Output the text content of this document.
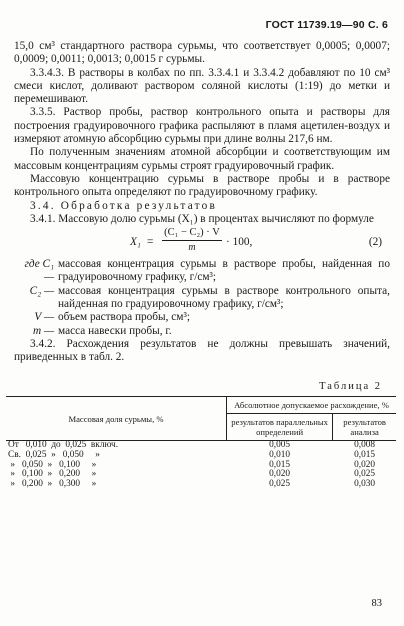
ГОСТ 11739.19—90 С. 6

15,0 см³ стандартного раствора сурьмы, что соответствует 0,0005; 0,0007; 0,0009; 0,0011; 0,0013; 0,0015 г сурьмы.

3.3.4.3. В растворы в колбах по пп. 3.3.4.1 и 3.3.4.2 добавляют по 10 см³ смеси кислот, доливают раствором соляной кислоты (1:19) до метки и перемешивают.

3.3.5. Раствор пробы, раствор контрольного опыта и растворы для построения градуировочного графика распыляют в пламя ацетилен-воздух и измеряют атомную абсорбцию сурьмы при длине волны 217,6 нм.

По полученным значениям атомной абсорбции и соответствующим им массовым концентрациям сурьмы строят градуировочный график.

Массовую концентрацию сурьмы в растворе пробы и в растворе контрольного опыта определяют по градуировочному графику.

3.4. Обработка результатов

3.4.1. Массовую долю сурьмы (X₁) в процентах вычисляют по формуле

X₁ =
(C₁ − C₂) · V
m	· 100,	(2)
где C₁ —
массовая концентрация сурьмы в растворе пробы, найденная по градуировочному графику, г/см³;
C₂ — массовая концентрация сурьмы в растворе контрольного опыта, найденная по градуировочному графику, г/см³;
V — объем раствора пробы, см³;
m — масса навески пробы, г.

3.4.2. Расхождения результатов не должны превышать значений, приведенных в табл. 2.

Таблица 2
Массовая доля сурьмы, %	Абсолютное допускаемое расхождение, %	
	результатов параллельных определений	результатов анализа
От   0,010  до  0,025  включ.	0,005	0,008
Св.  0,025  »   0,050     »	0,010	0,015
»   0,050  »   0,100     »	0,015	0,020
»   0,100  »   0,200     »	0,020	0,025
»   0,200  »   0,300     »	0,025	0,030
83
